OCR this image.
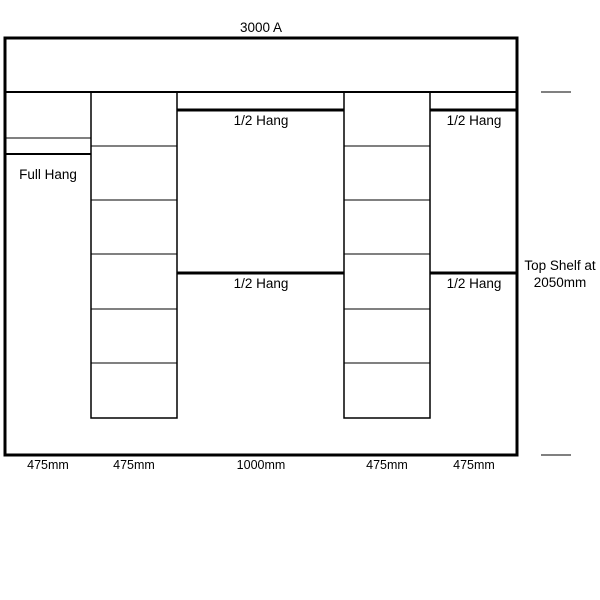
3000 A
Full Hang
1/2 Hang
1/2 Hang
1/2 Hang
1/2 Hang
Top Shelf at
2050mm
475mm	475mm	1000mm	475mm	475mm
